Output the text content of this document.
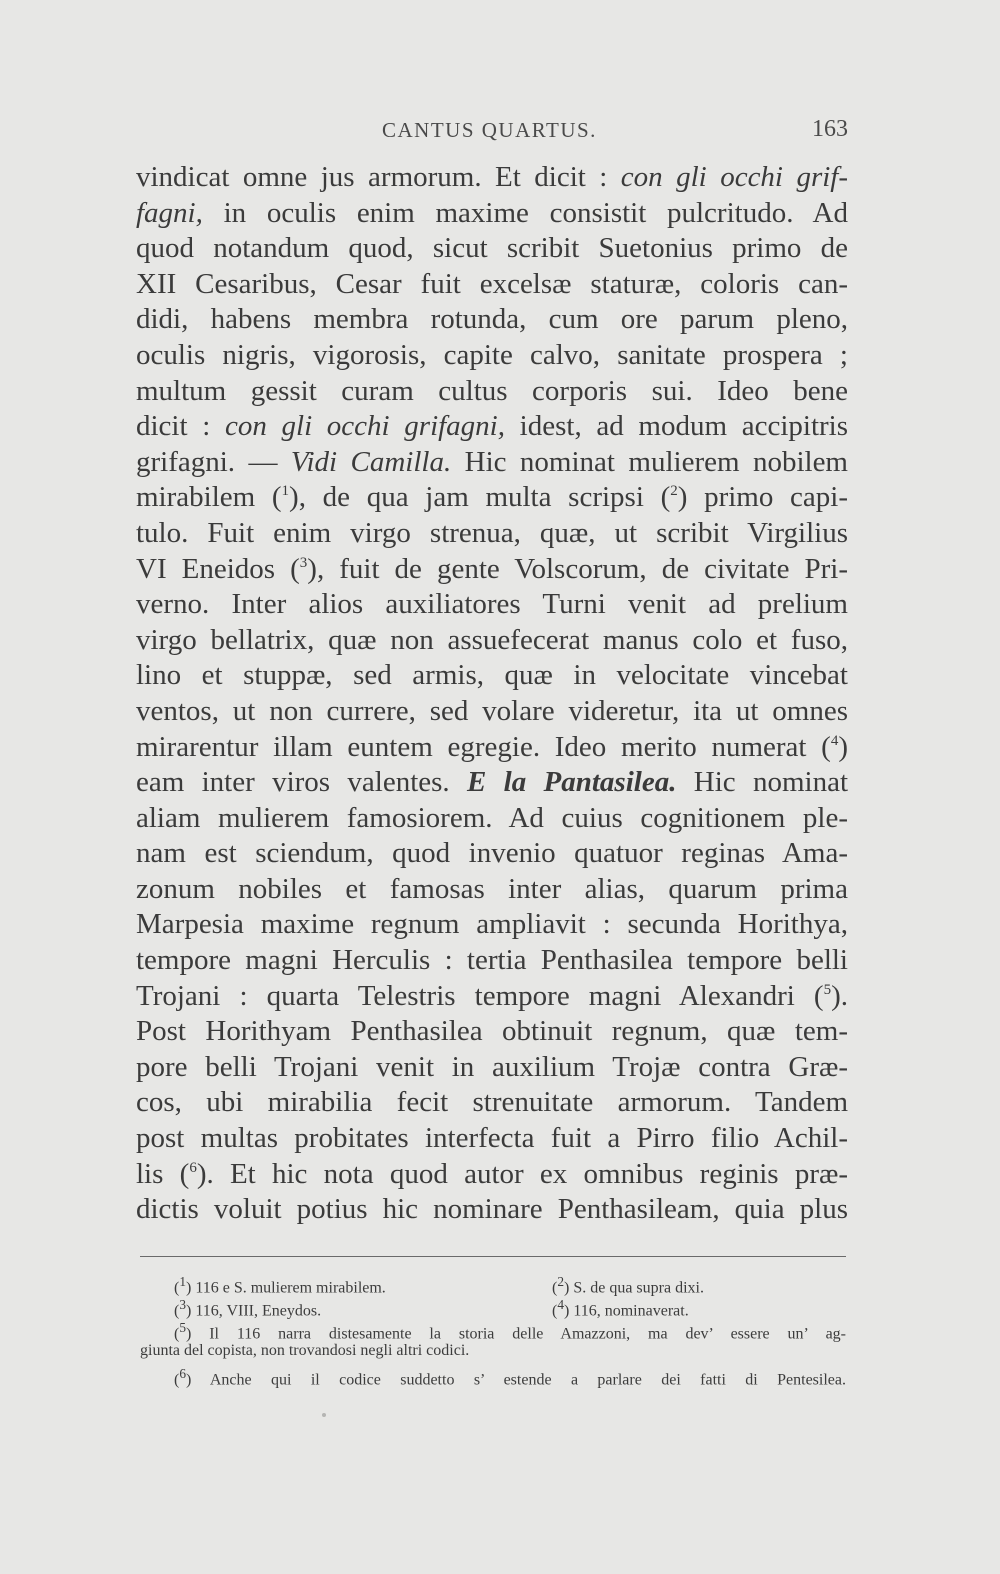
CANTUS QUARTUS.	163
vindicat omne jus armorum. Et dicit : con gli occhi grif-
fagni, in oculis enim maxime consistit pulcritudo. Ad
quod notandum quod, sicut scribit Suetonius primo de
XII Cesaribus, Cesar fuit excelsæ staturæ, coloris can-
didi, habens membra rotunda, cum ore parum pleno,
oculis nigris, vigorosis, capite calvo, sanitate prospera ;
multum gessit curam cultus corporis sui. Ideo bene
dicit : con gli occhi grifagni, idest, ad modum accipitris
grifagni. — Vidi Camilla. Hic nominat mulierem nobilem
mirabilem ($^1$), de qua jam multa scripsi ($^2$) primo capi-
tulo. Fuit enim virgo strenua, quæ, ut scribit Virgilius
VI Eneidos ($^3$), fuit de gente Volscorum, de civitate Pri-
verno. Inter alios auxiliatores Turni venit ad prelium
virgo bellatrix, quæ non assuefecerat manus colo et fuso,
lino et stuppæ, sed armis, quæ in velocitate vincebat
ventos, ut non currere, sed volare videretur, ita ut omnes
mirarentur illam euntem egregie. Ideo merito numerat ($^4$)
eam inter viros valentes. E la Pantasilea. Hic nominat
aliam mulierem famosiorem. Ad cuius cognitionem ple-
nam est sciendum, quod invenio quatuor reginas Ama-
zonum nobiles et famosas inter alias, quarum prima
Marpesia maxime regnum ampliavit : secunda Horithya,
tempore magni Herculis : tertia Penthasilea tempore belli
Trojani : quarta Telestris tempore magni Alexandri ($^5$).
Post Horithyam Penthasilea obtinuit regnum, quæ tem-
pore belli Trojani venit in auxilium Trojæ contra Græ-
cos, ubi mirabilia fecit strenuitate armorum. Tandem
post multas probitates interfecta fuit a Pirro filio Achil-
lis ($^6$). Et hic nota quod autor ex omnibus reginis præ-
dictis voluit potius hic nominare Penthasileam, quia plus
($^1$) 116 e S. mulierem mirabilem.	($^2$) S. de qua supra dixi.
($^3$) 116, VIII, Eneydos.	($^4$) 116, nominaverat.
($^5$) Il 116 narra distesamente la storia delle Amazzoni, ma dev’ essere un’ ag-
giunta del copista, non trovandosi negli altri codici.
($^6$) Anche qui il codice suddetto s’ estende a parlare dei fatti di Pentesilea.
